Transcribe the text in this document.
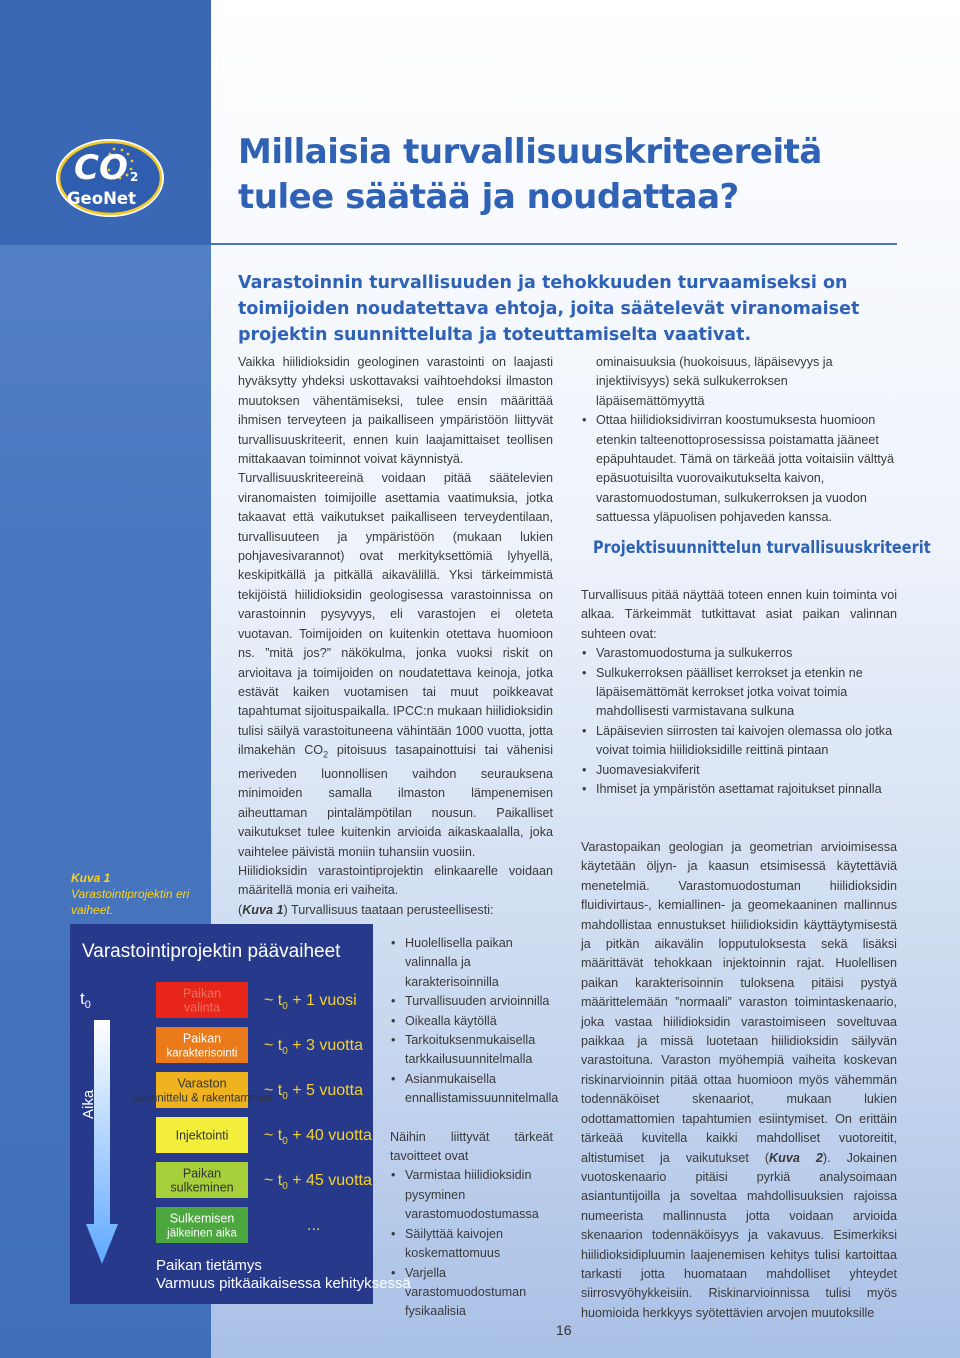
CO 2
GeoNet
Kuva 1
Varastointiprojektin eri vaiheet.
Millaisia turvallisuuskriteereitä tulee säätää ja noudattaa?
Varastoinnin turvallisuuden ja tehokkuuden turvaamiseksi on toimijoiden noudatettava ehtoja, joita säätelevät viranomaiset projektin suunnittelulta ja toteuttamiselta vaativat.

Vaikka hiilidioksidin geologinen varastointi on laajasti hyväksytty yhdeksi uskottavaksi vaihtoehdoksi ilmaston muutoksen vähentämiseksi, tulee ensin määrittää ihmisen terveyteen ja paikalliseen ympäristöön liittyvät turvallisuuskriteerit, ennen kuin laajamittaiset teollisen mittakaavan toiminnot voivat käynnistyä.

Turvallisuuskriteereinä voidaan pitää säätelevien viranomaisten toimijoille asettamia vaatimuksia, jotka takaavat että vaikutukset paikalliseen terveydentilaan, turvallisuuteen ja ympäristöön (mukaan lukien pohjavesivarannot) ovat merkityksettömiä lyhyellä, keskipitkällä ja pitkällä aikavälillä. Yksi tärkeimmistä tekijöistä hiilidioksidin geologisessa varastoinnissa on varastoinnin pysyvyys, eli varastojen ei oleteta vuotavan. Toimijoiden on kuitenkin otettava huomioon ns. ”mitä jos?” näkökulma, jonka vuoksi riskit on arvioitava ja toimijoiden on noudatettava keinoja, jotka estävät kaiken vuotamisen tai muut poikkeavat tapahtumat sijoituspaikalla. IPCC:n mukaan hiilidioksidin tulisi säilyä varastoituneena vähintään 1000 vuotta, jotta ilmakehän $CO_2$ pitoisuus tasapainottuisi tai vähenisi meriveden luonnollisen vaihdon seurauksena minimoiden samalla ilmaston lämpenemisen aiheuttaman pintalämpötilan nousun. Paikalliset vaikutukset tulee kuitenkin arvioida aikaskaalalla, joka vaihtelee päivistä moniin tuhansiin vuosiin.

Hiilidioksidin varastointiprojektin elinkaarelle voidaan määritellä monia eri vaiheita.

(Kuva 1) Turvallisuus taataan perusteellisesti:

• Huolellisella paikan valinnalla ja karakterisoinnilla
• Turvallisuuden arvioinnilla
• Oikealla käytöllä
• Tarkoituksenmukaisella tarkkailusuunnitelmalla
• Asianmukaisella ennallistamissuunnitelmalla

Näihin liittyvät tärkeät tavoitteet ovat

• Varmistaa hiilidioksidin pysyminen varastomuodostumassa
• Säilyttää kaivojen koskemattomuus
• Varjella varastomuodostuman fysikaalisia

ominaisuuksia (huokoisuus, läpäisevyys ja injektiivisyys) sekä sulkukerroksen läpäisemättömyyttä

• Ottaa hiilidioksidivirran koostumuksesta huomioon etenkin talteenottoprosessissa poistamatta jääneet epäpuhtaudet. Tämä on tärkeää jotta voitaisiin välttyä epäsuotuisilta vuorovaikutukselta kaivon, varastomuodostuman, sulkukerroksen ja vuodon sattuessa yläpuolisen pohjaveden kanssa.
Projektisuunnittelun turvallisuuskriteerit

Turvallisuus pitää näyttää toteen ennen kuin toiminta voi alkaa. Tärkeimmät tutkittavat asiat paikan valinnan suhteen ovat:

• Varastomuodostuma ja sulkukerros
• Sulkukerroksen päälliset kerrokset ja etenkin ne läpäisemättömät kerrokset jotka voivat toimia mahdollisesti varmistavana sulkuna
• Läpäisevien siirrosten tai kaivojen olemassa olo jotka voivat toimia hiilidioksidille reittinä pintaan
• Juomavesiakviferit
• Ihmiset ja ympäristön asettamat rajoitukset pinnalla

Varastopaikan geologian ja geometrian arvioimisessa käytetään öljyn- ja kaasun etsimisessä käytettäviä menetelmiä. Varastomuodostuman hiilidioksidin fluidivirtaus-, kemiallinen- ja geomekaaninen mallinnus mahdollistaa ennustukset hiilidioksidin käyttäytymisestä ja pitkän aikavälin lopputuloksesta sekä lisäksi määrittävät tehokkaan injektoinnin rajat. Huolellisen paikan karakterisoinnin tuloksena pitäisi pystyä määrittelemään ”normaali” varaston toimintaskenaario, joka vastaa hiilidioksidin varastoimiseen soveltuvaa paikkaa ja missä luotetaan hiilidioksidin säilyvän varastoituna. Varaston myöhempiä vaiheita koskevan riskinarvioinnin pitää ottaa huomioon myös vähemmän todennäköiset skenaariot, mukaan lukien odottamattomien tapahtumien esiintymiset. On erittäin tärkeää kuvitella kaikki mahdolliset vuotoreitit, altistumiset ja vaikutukset (Kuva 2). Jokainen vuotoskenaario pitäisi pyrkiä analysoimaan asiantuntijoilla ja soveltaa mahdollisuuksien rajoissa numeerista mallinnusta jotta voidaan arvioida skenaarion todennäköisyys ja vakavuus. Esimerkiksi hiilidioksidipluumin laajenemisen kehitys tulisi kartoittaa tarkasti jotta huomataan mahdolliset yhteydet siirrosvyöhykkeisiin. Riskinarvioinnissa tulisi myös huomioida herkkyys syötettävien arvojen muutoksille

Varastointiprojektin päävaiheet
$t_0$
Aika
Paikan
valinta	~ $t_0 + 1$ vuosi
Paikan
karakterisointi ~ $t_0 + 3$ vuotta
Varaston
suunnittelu & rakentaminen
~ $t_0 + 5$ vuotta
Injektointi ~ $t_0 + 40$ vuotta
Paikan
sulkeminen ~ $t_0 + 45$ vuotta
Sulkemisen
jälkeinen aika	...
Paikan tietämys
Varmuus pitkäaikaisessa kehityksessä
16
